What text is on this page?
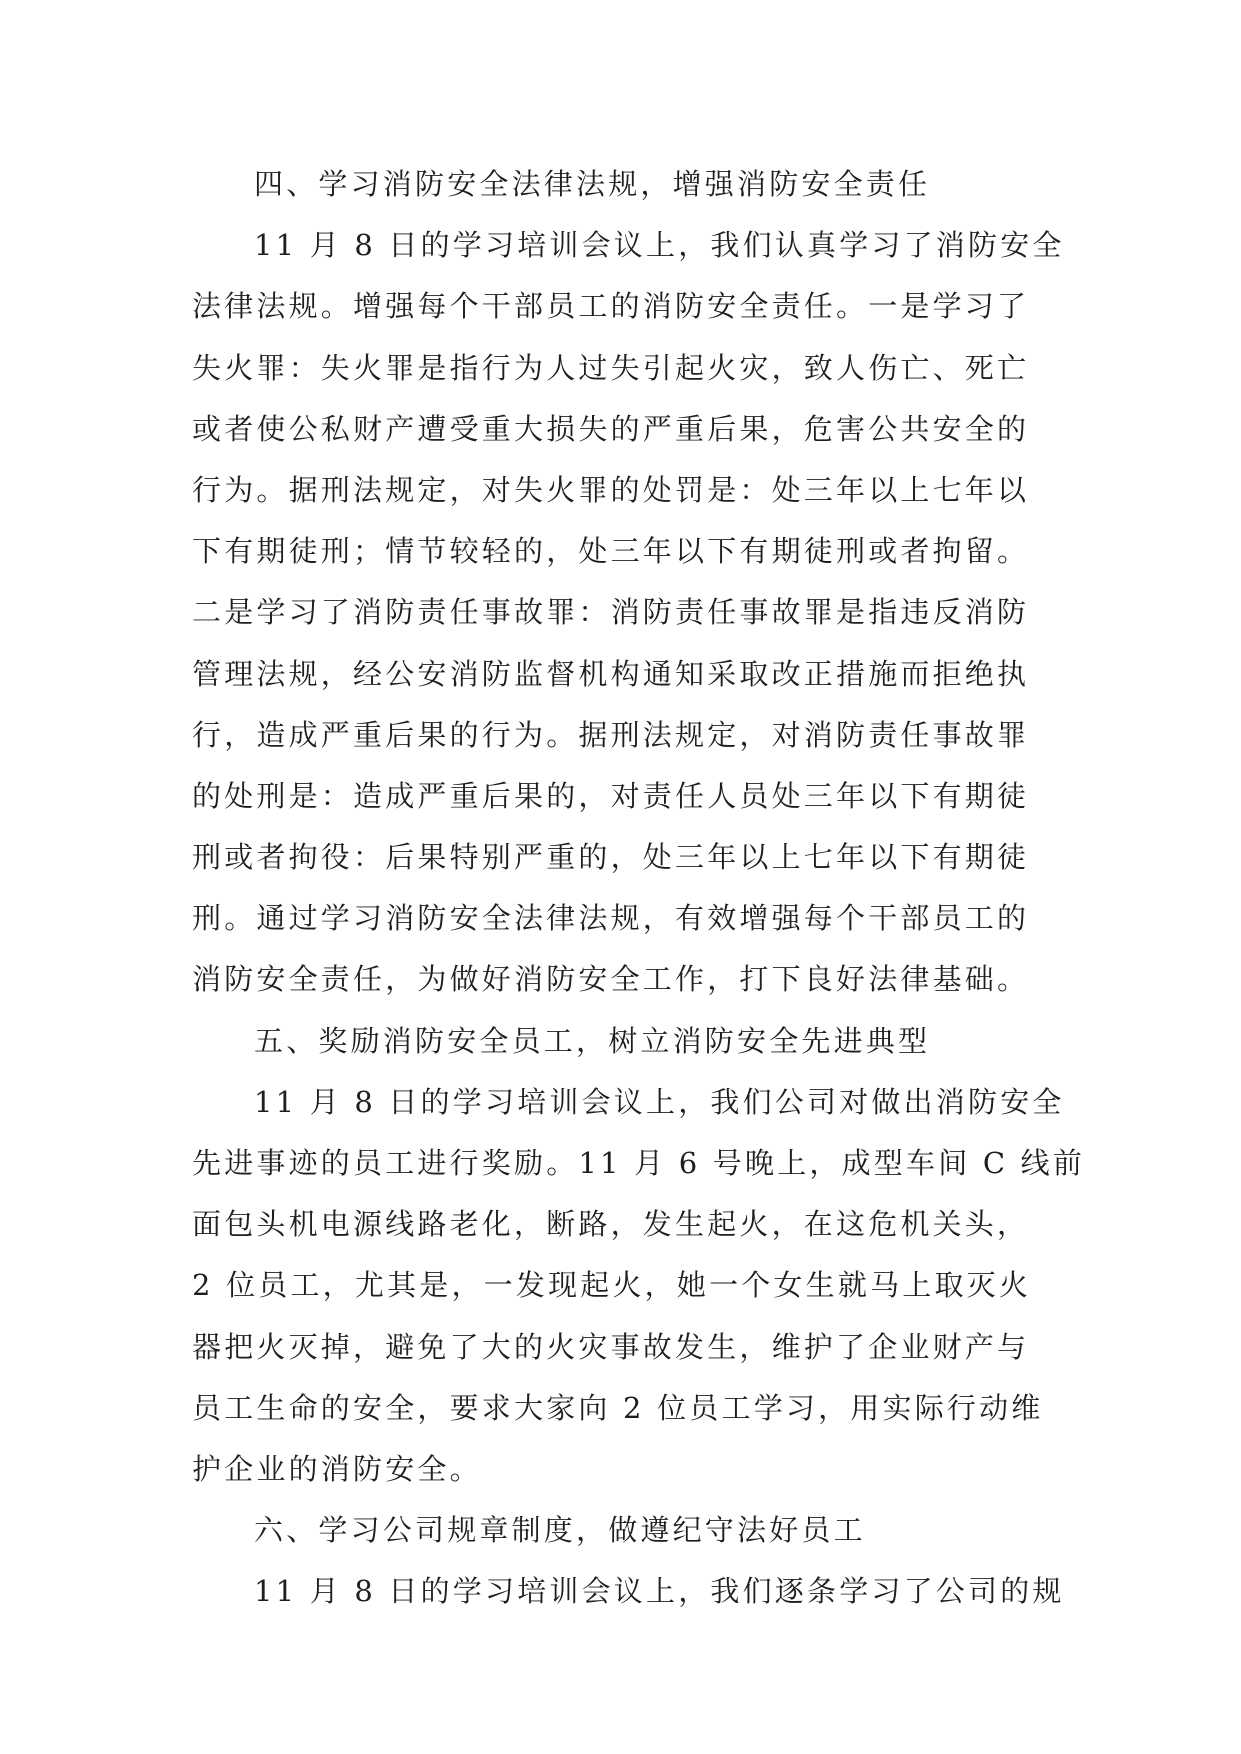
四、学习消防安全法律法规，增强消防安全责任
11 月 8 日的学习培训会议上，我们认真学习了消防安全
法律法规。增强每个干部员工的消防安全责任。一是学习了
失火罪：失火罪是指行为人过失引起火灾，致人伤亡、死亡
或者使公私财产遭受重大损失的严重后果，危害公共安全的
行为。据刑法规定，对失火罪的处罚是：处三年以上七年以
下有期徒刑；情节较轻的，处三年以下有期徒刑或者拘留。
二是学习了消防责任事故罪：消防责任事故罪是指违反消防
管理法规，经公安消防监督机构通知采取改正措施而拒绝执
行，造成严重后果的行为。据刑法规定，对消防责任事故罪
的处刑是：造成严重后果的，对责任人员处三年以下有期徒
刑或者拘役：后果特别严重的，处三年以上七年以下有期徒
刑。通过学习消防安全法律法规，有效增强每个干部员工的
消防安全责任，为做好消防安全工作，打下良好法律基础。
五、奖励消防安全员工，树立消防安全先进典型
11 月 8 日的学习培训会议上，我们公司对做出消防安全
先进事迹的员工进行奖励。11 月 6 号晚上，成型车间 C 线前
面包头机电源线路老化，断路，发生起火，在这危机关头，
2 位员工，尤其是，一发现起火，她一个女生就马上取灭火
器把火灭掉，避免了大的火灾事故发生，维护了企业财产与
员工生命的安全，要求大家向 2 位员工学习，用实际行动维
护企业的消防安全。
六、学习公司规章制度，做遵纪守法好员工
11 月 8 日的学习培训会议上，我们逐条学习了公司的规
